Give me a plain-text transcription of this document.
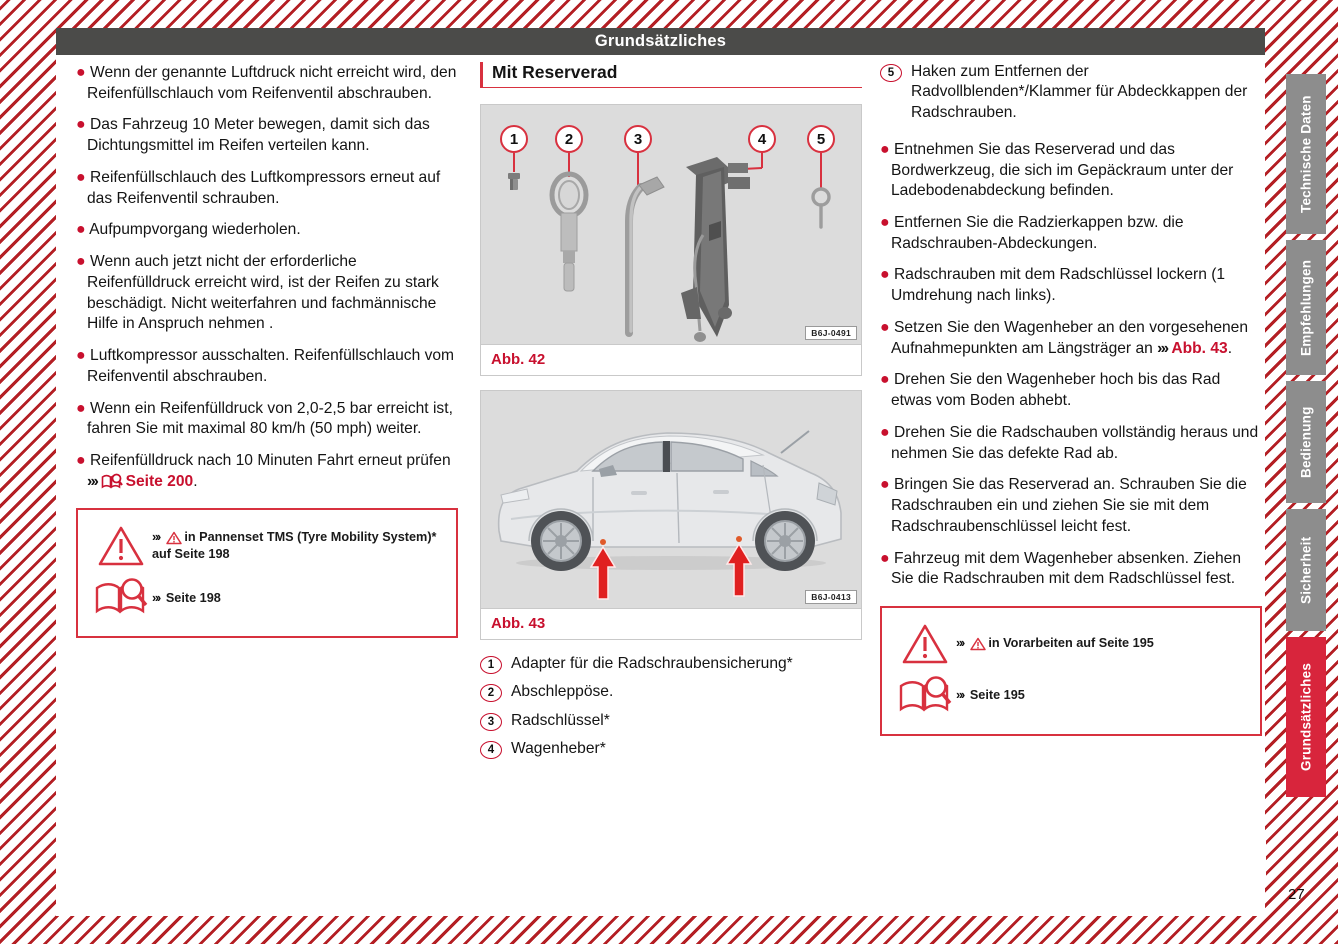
Grundsätzliches
● Wenn der genannte Luftdruck nicht erreicht wird, den Reifenfüllschlauch vom Reifenventil abschrauben.
● Das Fahrzeug 10 Meter bewegen, damit sich das Dichtungsmittel im Reifen verteilen kann.
● Reifenfüllschlauch des Luftkompressors erneut auf das Reifenventil schrauben.
● Aufpumpvorgang wiederholen.
● Wenn auch jetzt nicht der erforderliche Reifenfülldruck erreicht wird, ist der Reifen zu stark beschädigt. Nicht weiterfahren und fachmännische Hilfe in Anspruch nehmen .
● Luftkompressor ausschalten. Reifenfüllschlauch vom Reifenventil abschrauben.
● Wenn ein Reifenfülldruck von 2,0-2,5 bar erreicht ist, fahren Sie mit maximal 80 km/h (50 mph) weiter.
● Reifenfülldruck nach 10 Minuten Fahrt erneut prüfen »› Seite 200.
»› in Pannenset TMS (Tyre Mobility System)* auf Seite 198
»› Seite 198
Mit Reserverad
1	2	3	4	5
B6J-0491
Abb. 42
B6J-0413
Abb. 43
1	Adapter für die Radschraubensicherung*
2	Abschleppöse.
3	Radschlüssel*
4	Wagenheber*
5	Haken zum Entfernen der Radvollblenden*/Klammer für Abdeckkappen der Radschrauben.
● Entnehmen Sie das Reserverad und das Bordwerkzeug, die sich im Gepäckraum unter der Ladebodenabdeckung befinden.
● Entfernen Sie die Radzierkappen bzw. die Radschrauben-Abdeckungen.
● Radschrauben mit dem Radschlüssel lockern (1 Umdrehung nach links).
● Setzen Sie den Wagenheber an den vorgesehenen Aufnahmepunkten am Längsträger an »› Abb. 43.
● Drehen Sie den Wagenheber hoch bis das Rad etwas vom Boden abhebt.
● Drehen Sie die Radschauben vollständig heraus und nehmen Sie das defekte Rad ab.
● Bringen Sie das Reserverad an. Schrauben Sie die Radschrauben ein und ziehen Sie sie mit dem Radschraubenschlüssel leicht fest.
● Fahrzeug mit dem Wagenheber absenken. Ziehen Sie die Radschrauben mit dem Radschlüssel fest.
»› in Vorarbeiten auf Seite 195
»› Seite 195
Technische Daten
Empfehlungen
Bedienung
Sicherheit
Grundsätzliches
27
